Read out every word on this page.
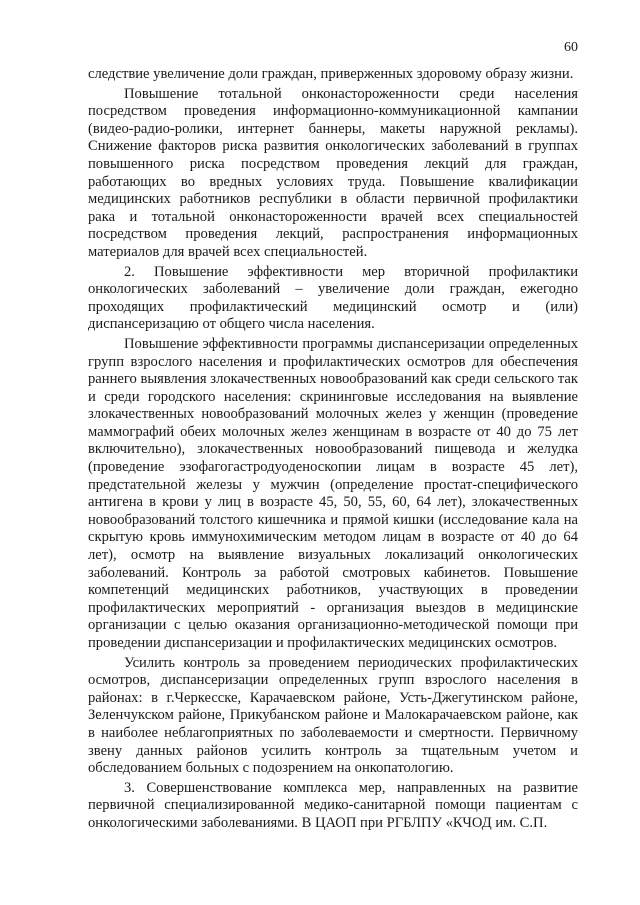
60

следствие увеличение доли граждан, приверженных здоровому образу жизни.

Повышение тотальной онконастороженности среди населения посредством проведения информационно-коммуникационной кампании (видео-радио-ролики, интернет баннеры, макеты наружной рекламы). Снижение факторов риска развития онкологических заболеваний в группах повышенного риска посредством проведения лекций для граждан, работающих во вредных условиях труда. Повышение квалификации медицинских работников республики в области первичной профилактики рака и тотальной онконастороженности врачей всех специальностей посредством проведения лекций, распространения информационных материалов для врачей всех специальностей.

2. Повышение эффективности мер вторичной профилактики онкологических заболеваний – увеличение доли граждан, ежегодно проходящих профилактический медицинский осмотр и (или) диспансеризацию от общего числа населения.

Повышение эффективности программы диспансеризации определенных групп взрослого населения и профилактических осмотров для обеспечения раннего выявления злокачественных новообразований как среди сельского так и среди городского населения: скрининговые исследования на выявление злокачественных новообразований молочных желез у женщин (проведение маммографий обеих молочных желез женщинам в возрасте от 40 до 75 лет включительно), злокачественных новообразований пищевода и желудка (проведение эзофагогастродуоденоскопии лицам в возрасте 45 лет), предстательной железы у мужчин (определение простат-специфического антигена в крови у лиц в возрасте 45, 50, 55, 60, 64 лет), злокачественных новообразований толстого кишечника и прямой кишки (исследование кала на скрытую кровь иммунохимическим методом лицам в возрасте от 40 до 64 лет), осмотр на выявление визуальных локализаций онкологических заболеваний. Контроль за работой смотровых кабинетов. Повышение компетенций медицинских работников, участвующих в проведении профилактических мероприятий - организация выездов в медицинские организации с целью оказания организационно-методической помощи при проведении диспансеризации и профилактических медицинских осмотров.

Усилить контроль за проведением периодических профилактических осмотров, диспансеризации определенных групп взрослого населения в районах: в г.Черкесске, Карачаевском районе, Усть-Джегутинском районе, Зеленчукском районе, Прикубанском районе и Малокарачаевском районе, как в наиболее неблагоприятных по заболеваемости и смертности. Первичному звену данных районов усилить контроль за тщательным учетом и обследованием больных с подозрением на онкопатологию.

3. Совершенствование комплекса мер, направленных на развитие первичной специализированной медико-санитарной помощи пациентам с онкологическими заболеваниями. В ЦАОП при РГБЛПУ «КЧОД им. С.П.
